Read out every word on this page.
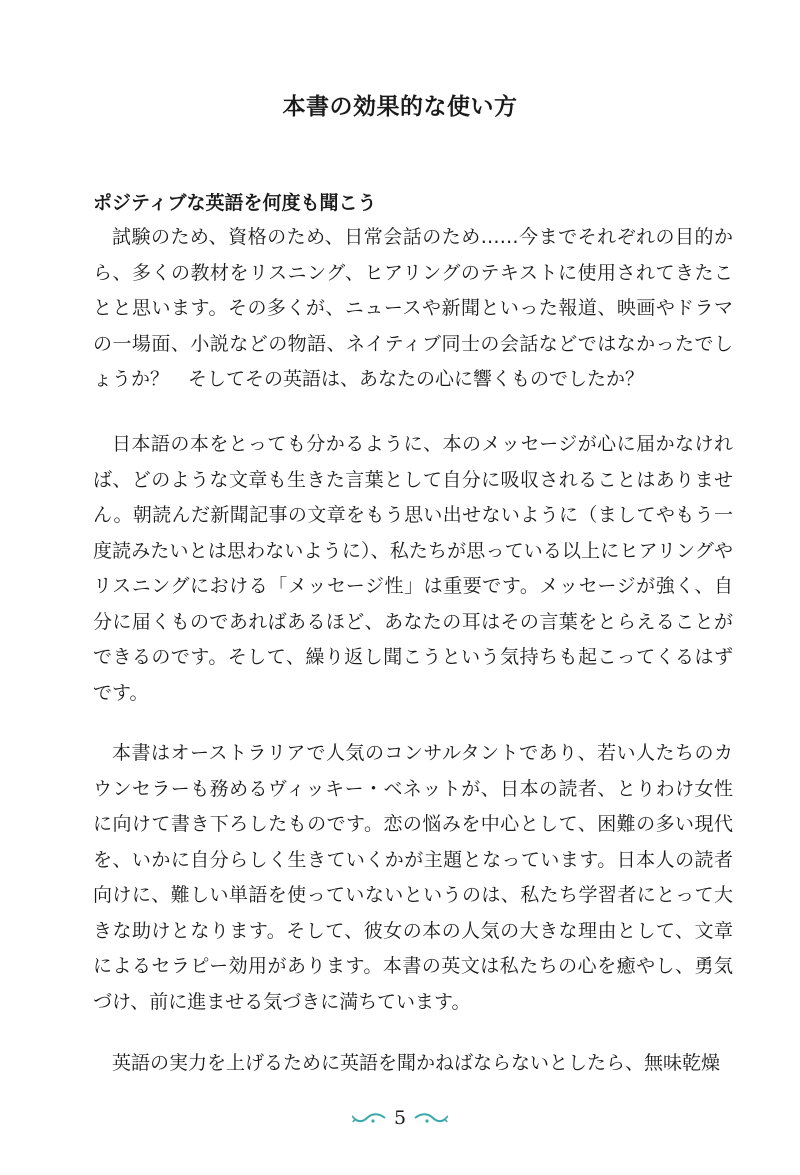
本書の効果的な使い方
ポジティブな英語を何度も聞こう

試験のため、資格のため、日常会話のため……今までそれぞれの目的から、多くの教材をリスニング、ヒアリングのテキストに使用されてきたことと思います。その多くが、ニュースや新聞といった報道、映画やドラマの一場面、小説などの物語、ネイティブ同士の会話などではなかったでしょうか？　そしてその英語は、あなたの心に響くものでしたか？

日本語の本をとっても分かるように、本のメッセージが心に届かなければ、どのような文章も生きた言葉として自分に吸収されることはありません。朝読んだ新聞記事の文章をもう思い出せないように（ましてやもう一度読みたいとは思わないように）、私たちが思っている以上にヒアリングやリスニングにおける「メッセージ性」は重要です。メッセージが強く、自分に届くものであればあるほど、あなたの耳はその言葉をとらえることができるのです。そして、繰り返し聞こうという気持ちも起こってくるはずです。

本書はオーストラリアで人気のコンサルタントであり、若い人たちのカウンセラーも務めるヴィッキー・ベネットが、日本の読者、とりわけ女性に向けて書き下ろしたものです。恋の悩みを中心として、困難の多い現代を、いかに自分らしく生きていくかが主題となっています。日本人の読者向けに、難しい単語を使っていないというのは、私たち学習者にとって大きな助けとなります。そして、彼女の本の人気の大きな理由として、文章によるセラピー効用があります。本書の英文は私たちの心を癒やし、勇気づけ、前に進ませる気づきに満ちています。

英語の実力を上げるために英語を聞かねばならないとしたら、無味乾燥

5
